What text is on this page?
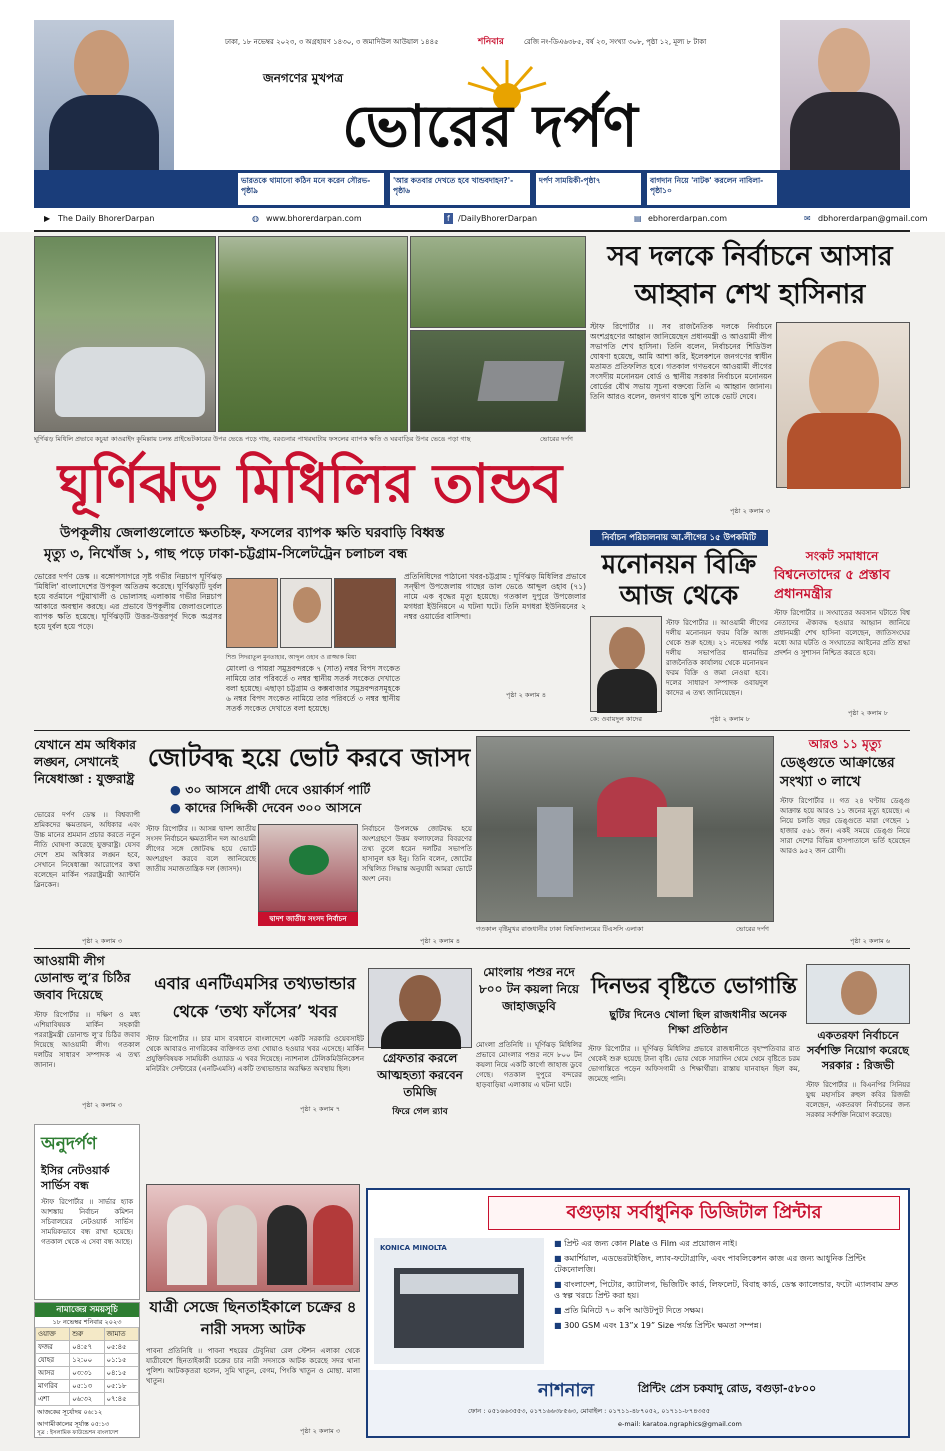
ঢাকা, ১৮ নভেম্বর ২০২৩, ৩ অগ্রহায়ণ ১৪৩০, ৩ জমাদিউল আউয়াল ১৪৪৫	শনিবার	রেজি নং-ডিএ৬৩৮৫, বর্ষ ২৩, সংখ্যা ৩০৮, পৃষ্ঠা ১২, মূল্য ৮ টাকা
জনগণের মুখপত্র
ভোরের দর্পণ
ভারতকে থামানো কঠিন মনে করেন সৌরভ-পৃষ্ঠা৯
'আর কতবার দেখতে হবে খান্ডবদাহন?'-পৃষ্ঠা৬
দর্পণ সাময়িকী-পৃষ্ঠা৭	বাগদান নিয়ে 'নাটক' করলেন নাবিলা-পৃষ্ঠা১০
▶ The Daily BhorerDarpan	◍ www.bhorerdarpan.com	f	/DailyBhorerDarpan	▤ ebhorerdarpan.com	✉ dbhorerdarpan@gmail.com
ঘূর্ণিঝড় মিধিলি প্রভাবে কচুয়া কাওরাইদ কুমিল্লায় চলন্ত প্রাইভেটকারের উপর ভেঙে পড়ে গাছ, বরগুনার পাথরঘাটায় ফসলের ব্যাপক ক্ষতি ও ঘরবাড়ির উপর ভেঙে পড়া গাছ	ভোরের দর্পণ
ঘূর্ণিঝড় মিধিলির তান্ডব
উপকূলীয় জেলাগুলোতে ক্ষতচিহ্ন, ফসলের ব্যাপক ক্ষতি ঘরবাড়ি বিধ্বস্ত
মৃত্যু ৩, নিখোঁজ ১, গাছ পড়ে ঢাকা-চট্টগ্রাম-সিলেটট্রেন চলাচল বন্ধ
ভোরের দর্পণ ডেস্ক ।। বঙ্গোপসাগরে সৃষ্ট গভীর নিম্নচাপ ঘূর্ণিঝড় 'মিধিলি' বাংলাদেশের উপকূল অতিক্রম করেছে। ঘূর্ণিঝড়টি দুর্বল হয়ে বর্তমানে পটুয়াখালী ও ভোলাসহ এলাকায় গভীর নিম্নচাপ আকারে অবস্থান করছে। এর প্রভাবে উপকূলীয় জেলাগুলোতে ব্যাপক ক্ষতি হয়েছে। ঘূর্ণিঝড়টি উত্তর-উত্তরপূর্ব দিকে অগ্রসর হয়ে দুর্বল হয়ে পড়ে।
শিশু সিদরাতুল মুনতাহার, আব্দুল ওহাব ও রাজ্জাক মিয়া
মোংলা ও পায়রা সমুদ্রবন্দরকে ৭ (সাত) নম্বর বিপদ সংকেত নামিয়ে তার পরিবর্তে ৩ নম্বর স্থানীয় সতর্ক সংকেত দেখাতে বলা হয়েছে। এছাড়া চট্টগ্রাম ও কক্সবাজার সমুদ্রবন্দরসমূহকে ৬ নম্বর বিপদ সংকেত নামিয়ে তার পরিবর্তে ৩ নম্বর স্থানীয় সতর্ক সংকেত দেখাতে বলা হয়েছে।
প্রতিনিধিদের পাঠানো খবর-চট্টগ্রাম : ঘূর্ণিঝড় মিধিলির প্রভাবে সন্দ্বীপ উপজেলায় গাছের ডাল ভেঙে আব্দুল ওহাব (৭১) নামে এক বৃদ্ধের মৃত্যু হয়েছে। গতকাল দুপুরে উপজেলার মগধরা ইউনিয়নে এ ঘটনা ঘটে। তিনি মগধরা ইউনিয়নের ২ নম্বর ওয়ার্ডের বাসিন্দা।
পৃষ্ঠা ২ কলাম ৪
সব দলকে নির্বাচনে আসার আহ্বান শেখ হাসিনার
স্টাফ রিপোর্টার ।। সব রাজনৈতিক দলকে নির্বাচনে অংশগ্রহণের আহ্বান জানিয়েছেন প্রধানমন্ত্রী ও আওয়ামী লীগ সভাপতি শেখ হাসিনা। তিনি বলেন, নির্বাচনের শিডিউল ঘোষণা হয়েছে, আমি আশা করি, ইলেকশনে জনগণের স্বাধীন মতামত প্রতিফলিত হবে। গতকাল গণভবনে আওয়ামী লীগের সংসদীয় মনোনয়ন বোর্ড ও স্থানীয় সরকার নির্বাচনে মনোনয়ন বোর্ডের যৌথ সভায় সূচনা বক্তব্যে তিনি এ আহ্বান জানান। তিনি আরও বলেন, জনগণ যাকে খুশি তাকে ভোট দেবে।
পৃষ্ঠা ২ কলাম ৩
নির্বাচন পরিচালনায় আ.লীগের ১৫ উপকমিটি
মনোনয়ন বিক্রি আজ থেকে
স্টাফ রিপোর্টার ।। আওয়ামী লীগের দলীয় মনোনয়ন ফরম বিক্রি আজ থেকে শুরু হচ্ছে। ২১ নভেম্বর পর্যন্ত দলীয় সভাপতির ধানমন্ডির রাজনৈতিক কার্যালয় থেকে মনোনয়ন ফরম বিক্রি ও জমা নেওয়া হবে। দলের সাধারণ সম্পাদক ওবায়দুল কাদের এ তথ্য জানিয়েছেন।
কে: ওবায়দুল কাদের	পৃষ্ঠা ২ কলাম ৮
সংকট সমাধানে
বিশ্বনেতাদের ৫ প্রস্তাব প্রধানমন্ত্রীর
স্টাফ রিপোর্টার ।। সংঘাতের অবসান ঘটাতে বিশ্ব নেতাদের ঐক্যবদ্ধ হওয়ার আহ্বান জানিয়ে প্রধানমন্ত্রী শেখ হাসিনা বলেছেন, জাতিসংঘের মধ্যে আর ঘটতি ও সংঘাতের আইনের প্রতি শ্রদ্ধা প্রদর্শন ও সুশাসন নিশ্চিত করতে হবে।
পৃষ্ঠা ২ কলাম ৮
যেখানে শ্রম অধিকার লঙ্ঘন, সেখানেই নিষেধাজ্ঞা : যুক্তরাষ্ট্র
ভোরের দর্পণ ডেস্ক ।। বিশ্বব্যাপী শ্রমিকদের ক্ষমতায়ন, অধিকার এবং উচ্চ মানের শ্রমমান প্রচার করতে নতুন নীতি ঘোষণা করেছে যুক্তরাষ্ট্র। যেসব দেশে শ্রম অধিকার লঙ্ঘন হবে, সেখানে নিষেধাজ্ঞা আরোপের কথা বলেছেন মার্কিন পররাষ্ট্রমন্ত্রী অ্যান্টনি ব্লিনকেন।
পৃষ্ঠা ২ কলাম ৩
জোটবদ্ধ হয়ে ভোট করবে জাসদ
● ৩০ আসনে প্রার্থী দেবে ওয়ার্কার্স পার্টি
● কাদের সিদ্দিকী দেবেন ৩০০ আসনে
স্টাফ রিপোর্টার ।। আসন্ন দ্বাদশ জাতীয় সংসদ নির্বাচনে ক্ষমতাসীন দল আওয়ামী লীগের সঙ্গে জোটবদ্ধ হয়ে ভোটে অংশগ্রহণ করবে বলে জানিয়েছে জাতীয় সমাজতান্ত্রিক দল (জাসদ)।
দ্বাদশ জাতীয় সংসদ নির্বাচন
নির্বাচনে উপলক্ষে জোটবদ্ধ হয়ে অংশগ্রহণে উত্তম ফলাফলের বিবরণের তথ্য তুলে ধরেন দলটির সভাপতি হাসানুল হক ইনু। তিনি বলেন, জোটের সম্মিলিত সিদ্ধান্ত অনুযায়ী আমরা ভোটে অংশ নেব।
পৃষ্ঠা ২ কলাম ৪
গতকাল বৃষ্টিমুখর রাজধানীর ঢাকা বিশ্ববিদ্যালয়ের টিএসসি এলাকা	ভোরের দর্পণ
আরও ১১ মৃত্যু
ডেঙ্গুতে আক্রান্তের সংখ্যা ৩ লাখে
স্টাফ রিপোর্টার ।। গত ২৪ ঘণ্টায় ডেঙ্গু আক্রান্ত হয়ে আরও ১১ জনের মৃত্যু হয়েছে। এ নিয়ে চলতি বছর ডেঙ্গুতে মারা গেছেন ১ হাজার ৫৬১ জন। একই সময়ে ডেঙ্গু নিয়ে সারা দেশের বিভিন্ন হাসপাতালে ভর্তি হয়েছেন আরও ৯৫২ জন রোগী।
পৃষ্ঠা ২ কলাম ৬
আওয়ামী লীগ ডোনাল্ড লু’র চিঠির জবাব দিয়েছে
স্টাফ রিপোর্টার ।। দক্ষিণ ও মধ্য এশিয়াবিষয়ক মার্কিন সহকারী পররাষ্ট্রমন্ত্রী ডোনাল্ড লু’র চিঠির জবাব দিয়েছে আওয়ামী লীগ। গতকাল দলটির সাধারণ সম্পাদক এ তথ্য জানান।
পৃষ্ঠা ২ কলাম ৩
এবার এনটিএমসির তথ্যভান্ডার থেকে ‘তথ্য ফাঁসের’ খবর
স্টাফ রিপোর্টার ।। চার মাস ব্যবধানে বাংলাদেশে একটি সরকারি ওয়েবসাইট থেকে আবারও নাগরিকের ব্যক্তিগত তথ্য খোয়াও হওয়ার খবর এসেছে। মার্কিন প্রযুক্তিবিষয়ক সাময়িকী ওয়্যারড এ খবর দিয়েছে। ন্যাশনাল টেলিকমিউনিকেশন মনিটরিং সেন্টারের (এনটিএমসি) একটি তথ্যভান্ডার অরক্ষিত অবস্থায় ছিল।
পৃষ্ঠা ২ কলাম ৭
গ্রেফতার করলে আত্মহত্যা করবেন তমিজি
ফিরে গেল র‍্যাব
মোংলায় পশুর নদে ৮০০ টন কয়লা নিয়ে জাহাজডুবি
মোংলা প্রতিনিধি ।। ঘূর্ণিঝড় মিধিলির প্রভাবে মোংলার পশুর নদে ৮০০ টন কয়লা নিয়ে একটি কার্গো জাহাজ ডুবে গেছে। গতকাল দুপুরে বন্দরের হাড়বাড়িয়া এলাকায় এ ঘটনা ঘটে।
দিনভর বৃষ্টিতে ভোগান্তি
ছুটির দিনেও খোলা ছিল রাজধানীর অনেক শিক্ষা প্রতিষ্ঠান
স্টাফ রিপোর্টার ।। ঘূর্ণিঝড় মিধিলির প্রভাবে রাজধানীতে বৃহস্পতিবার রাত থেকেই শুরু হয়েছে টানা বৃষ্টি। ভোর থেকে সারাদিন থেমে থেমে বৃষ্টিতে চরম ভোগান্তিতে পড়েন অফিসগামী ও শিক্ষার্থীরা। রাস্তায় যানবাহন ছিল কম, জমেছে পানি।
একতরফা নির্বাচনে সর্বশক্তি নিয়োগ করেছে সরকার : রিজভী
স্টাফ রিপোর্টার ।। বিএনপির সিনিয়র যুগ্ম মহাসচিব রুহুল কবির রিজভী বলেছেন, একতরফা নির্বাচনের জন্য সরকার সর্বশক্তি নিয়োগ করেছে।
অনুদর্পণ
ইসির নেটওয়ার্ক সার্ভিস বন্ধ
স্টাফ রিপোর্টার ।। সার্ভার হ্যাক আশঙ্কায় নির্বাচন কমিশন সচিবালয়ের নেটওয়ার্ক সার্ভিস সাময়িকভাবে বন্ধ রাখা হয়েছে। গতকাল থেকে এ সেবা বন্ধ আছে।
নামাজের সময়সূচি
১৮ নভেম্বর শনিবার ২০২৩
ওয়াক্ত	শুরু	জামাত
ফজর	০৪:৫৭	০৫:৪৫
যোহর	১২:০০	০১:১৫
আসর	০৩:৩১	০৪:১৫
মাগরিব	০৫:১৩	০৫:১৮
এশা	০৬:৩২	০৭:৪৫
আজকের সূর্যোদয় ০৬:১২
আগামীকালের সূর্যাস্ত ০৫:১৩
সূত্র : ইসলামিক ফাউন্ডেশন বাংলাদেশ
যাত্রী সেজে ছিনতাইকালে চক্রের ৪ নারী সদস্য আটক
পাবনা প্রতিনিধি ।। পাবনা শহরের টেবুনিয়া রেল স্টেশন এলাকা থেকে যাত্রীবেশে ছিনতাইকারী চক্রের চার নারী সদস্যকে আটক করেছে সদর থানা পুলিশ। আটককৃতরা হলেন, সুমি খাতুন, বেগম, পিংকি খাতুন ও মোছা. মালা খাতুন।
পৃষ্ঠা ২ কলাম ৩
বগুড়ায় সর্বাধুনিক ডিজিটাল প্রিন্টার
KONICA MINOLTA	■ প্রিন্ট এর জন্য কোন Plate ও Film এর প্রয়োজন নাই।
■ কমার্শিয়াল, এডভেরটাইজিং, ল্যাব-ফটোগ্রাফি, এবং পাবলিকেশন কাজ এর জন্য আধুনিক প্রিন্টিং টেকনোলজি।
■ বাংলাদেশ, পিটোর, ক্যাটালগ, ভিজিটিং কার্ড, লিফলেট, বিবাহ কার্ড, ডেস্ক ক্যালেন্ডার, ফটো এ্যালবাম দ্রুত ও স্বল্প খরচে প্রিন্ট করা হয়।
■ প্রতি মিনিটে ৭০ কপি আউটপুট দিতে সক্ষম।
■ 300 GSM এবং 13”x 19” Size পর্যন্ত প্রিন্টিং ক্ষমতা সম্পন্ন।
নাশনাল	প্রিন্টিং প্রেস চকযাদু রোড, বগুড়া-৫৮০০
ফোন : ০৫১৬৬৩৫৫৩, ০১৭১৬৬৩৮৫৬৩, মোবাইল : ০১৭১১-৪৮৭০৫২, ০১৭১১-৮৭৪৩৫৫
e-mail: karatoa.ngraphics@gmail.com
